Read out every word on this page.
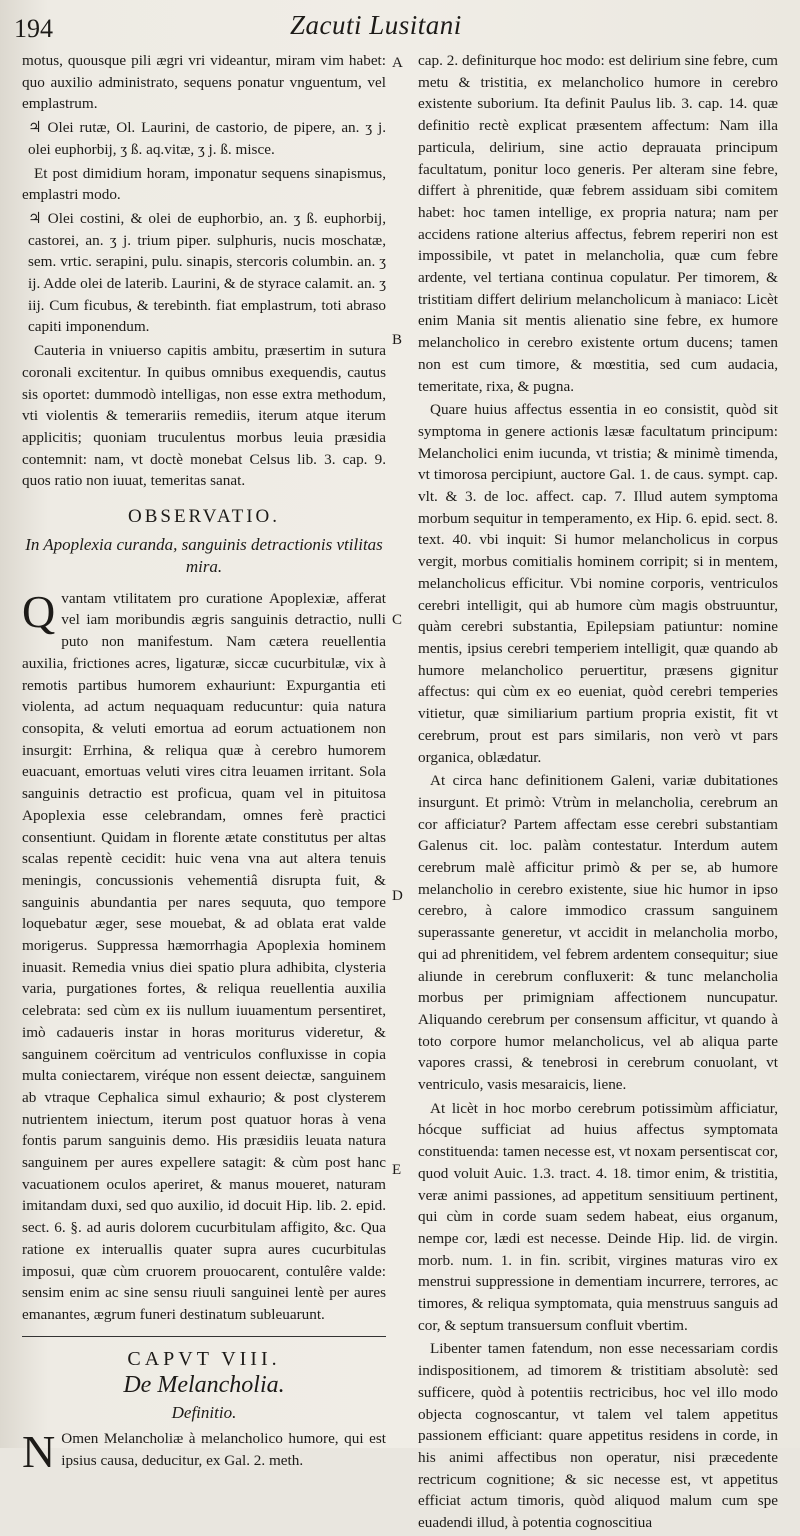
194	Zacuti Lusitani
A
B
C
D
E

motus, quousque pili ægri vri videantur, miram vim habet: quo auxilio administrato, sequens ponatur vnguentum, vel emplastrum.

♃ Olei rutæ, Ol. Laurini, de castorio, de pipere, an. ʒ j. olei euphorbij, ʒ ß. aq.vitæ, ʒ j. ß. misce.

Et post dimidium horam, imponatur sequens sinapismus, emplastri modo.

♃ Olei costini, & olei de euphorbio, an. ʒ ß. euphorbij, castorei, an. ʒ j. trium piper. sulphuris, nucis moschatæ, sem. vrtic. serapini, pulu. sinapis, stercoris columbin. an. ʒ ij. Adde olei de laterib. Laurini, & de styrace calamit. an. ʒ iij. Cum ficubus, & terebinth. fiat emplastrum, toti abraso capiti imponendum.

Cauteria in vniuerso capitis ambitu, præsertim in sutura coronali excitentur. In quibus omnibus exequendis, cautus sis oportet: dummodò intelligas, non esse extra methodum, vti violentis & temerariis remediis, iterum atque iterum applicitis; quoniam truculentus morbus leuia præsidia contemnit: nam, vt doctè monebat Celsus lib. 3. cap. 9. quos ratio non iuuat, temeritas sanat.

OBSERVATIO.
In Apoplexia curanda, sanguinis detractionis vtilitas mira.

Qvantam vtilitatem pro curatione Apoplexiæ, afferat vel iam moribundis ægris sanguinis detractio, nulli puto non manifestum. Nam cætera reuellentia auxilia, frictiones acres, ligaturæ, siccæ cucurbitulæ, vix à remotis partibus humorem exhauriunt: Expurgantia eti violenta, ad actum nequaquam reducuntur: quia natura consopita, & veluti emortua ad eorum actuationem non insurgit: Errhina, & reliqua quæ à cerebro humorem euacuant, emortuas veluti vires citra leuamen irritant. Sola sanguinis detractio est proficua, quam vel in pituitosa Apoplexia esse celebrandam, omnes ferè practici consentiunt. Quidam in florente ætate constitutus per altas scalas repentè cecidit: huic vena vna aut altera tenuis meningis, concussionis vehementiâ disrupta fuit, & sanguinis abundantia per nares sequuta, quo tempore loquebatur æger, sese mouebat, & ad oblata erat valde morigerus. Suppressa hæmorrhagia Apoplexia hominem inuasit. Remedia vnius diei spatio plura adhibita, clysteria varia, purgationes fortes, & reliqua reuellentia auxilia celebrata: sed cùm ex iis nullum iuuamentum persentiret, imò cadaueris instar in horas moriturus videretur, & sanguinem coërcitum ad ventriculos confluxisse in copia multa coniectarem, viréque non essent deiectæ, sanguinem ab vtraque Cephalica simul exhaurio; & post clysterem nutrientem iniectum, iterum post quatuor horas à vena fontis parum sanguinis demo. His præsidiis leuata natura sanguinem per aures expellere satagit: & cùm post hanc vacuationem oculos aperiret, & manus moueret, naturam imitandam duxi, sed quo auxilio, id docuit Hip. lib. 2. epid. sect. 6. §. ad auris dolorem cucurbitulam affigito, &c. Qua ratione ex interuallis quater supra aures cucurbitulas imposui, quæ cùm cruorem prouocarent, contulêre valde: sensim enim ac sine sensu riuuli sanguinei lentè per aures emanantes, ægrum funeri destinatum subleuarunt.

CAPVT VIII.
De Melancholia.
Definitio.

N Omen Melancholiæ à melancholico humore, qui est ipsius causa, deducitur, ex Gal. 2. meth.

cap. 2. definiturque hoc modo: est delirium sine febre, cum metu & tristitia, ex melancholico humore in cerebro existente suborium. Ita definit Paulus lib. 3. cap. 14. quæ definitio rectè explicat præsentem affectum: Nam illa particula, delirium, sine actio deprauata principum facultatum, ponitur loco generis. Per alteram sine febre, differt à phrenitide, quæ febrem assiduam sibi comitem habet: hoc tamen intellige, ex propria natura; nam per accidens ratione alterius affectus, febrem reperiri non est impossibile, vt patet in melancholia, quæ cum febre ardente, vel tertiana continua copulatur. Per timorem, & tristitiam differt delirium melancholicum à maniaco: Licèt enim Mania sit mentis alienatio sine febre, ex humore melancholico in cerebro existente ortum ducens; tamen non est cum timore, & mœstitia, sed cum audacia, temeritate, rixa, & pugna.

Quare huius affectus essentia in eo consistit, quòd sit symptoma in genere actionis læsæ facultatum principum: Melancholici enim iucunda, vt tristia; & minimè timenda, vt timorosa percipiunt, auctore Gal. 1. de caus. sympt. cap. vlt. & 3. de loc. affect. cap. 7. Illud autem symptoma morbum sequitur in temperamento, ex Hip. 6. epid. sect. 8. text. 40. vbi inquit: Si humor melancholicus in corpus vergit, morbus comitialis hominem corripit; si in mentem, melancholicus efficitur. Vbi nomine corporis, ventriculos cerebri intelligit, qui ab humore cùm magis obstruuntur, quàm cerebri substantia, Epilepsiam patiuntur: nomine mentis, ipsius cerebri temperiem intelligit, quæ quando ab humore melancholico peruertitur, præsens gignitur affectus: qui cùm ex eo eueniat, quòd cerebri temperies vitietur, quæ similiarium partium propria existit, fit vt cerebrum, prout est pars similaris, non verò vt pars organica, oblædatur.

At circa hanc definitionem Galeni, variæ dubitationes insurgunt. Et primò: Vtrùm in melancholia, cerebrum an cor afficiatur? Partem affectam esse cerebri substantiam Galenus cit. loc. palàm contestatur. Interdum autem cerebrum malè afficitur primò & per se, ab humore melancholio in cerebro existente, siue hic humor in ipso cerebro, à calore immodico crassum sanguinem superassante generetur, vt accidit in melancholia morbo, qui ad phrenitidem, vel febrem ardentem consequitur; siue aliunde in cerebrum confluxerit: & tunc melancholia morbus per primigniam affectionem nuncupatur. Aliquando cerebrum per consensum afficitur, vt quando à toto corpore humor melancholicus, vel ab aliqua parte vapores crassi, & tenebrosi in cerebrum conuolant, vt ventriculo, vasis mesaraicis, liene.

At licèt in hoc morbo cerebrum potissimùm afficiatur, hócque sufficiat ad huius affectus symptomata constituenda: tamen necesse est, vt noxam persentiscat cor, quod voluit Auic. 1.3. tract. 4. 18. timor enim, & tristitia, veræ animi passiones, ad appetitum sensitiuum pertinent, qui cùm in corde suam sedem habeat, eius organum, nempe cor, lædi est necesse. Deinde Hip. lid. de virgin. morb. num. 1. in fin. scribit, virgines maturas viro ex menstrui suppressione in dementiam incurrere, terrores, ac timores, & reliqua symptomata, quia menstruus sanguis ad cor, & septum transuersum confluit vbertim.

Libenter tamen fatendum, non esse necessariam cordis indispositionem, ad timorem & tristitiam absolutè: sed sufficere, quòd à potentiis rectricibus, hoc vel illo modo objecta cognoscantur, vt talem vel talem appetitus passionem efficiant: quare appetitus residens in corde, in his animi affectibus non operatur, nisi præcedente rectricum cognitione; & sic necesse est, vt appetitus efficiat actum timoris, quòd aliquod malum cum spe euadendi illud, à potentia cognoscitiua
